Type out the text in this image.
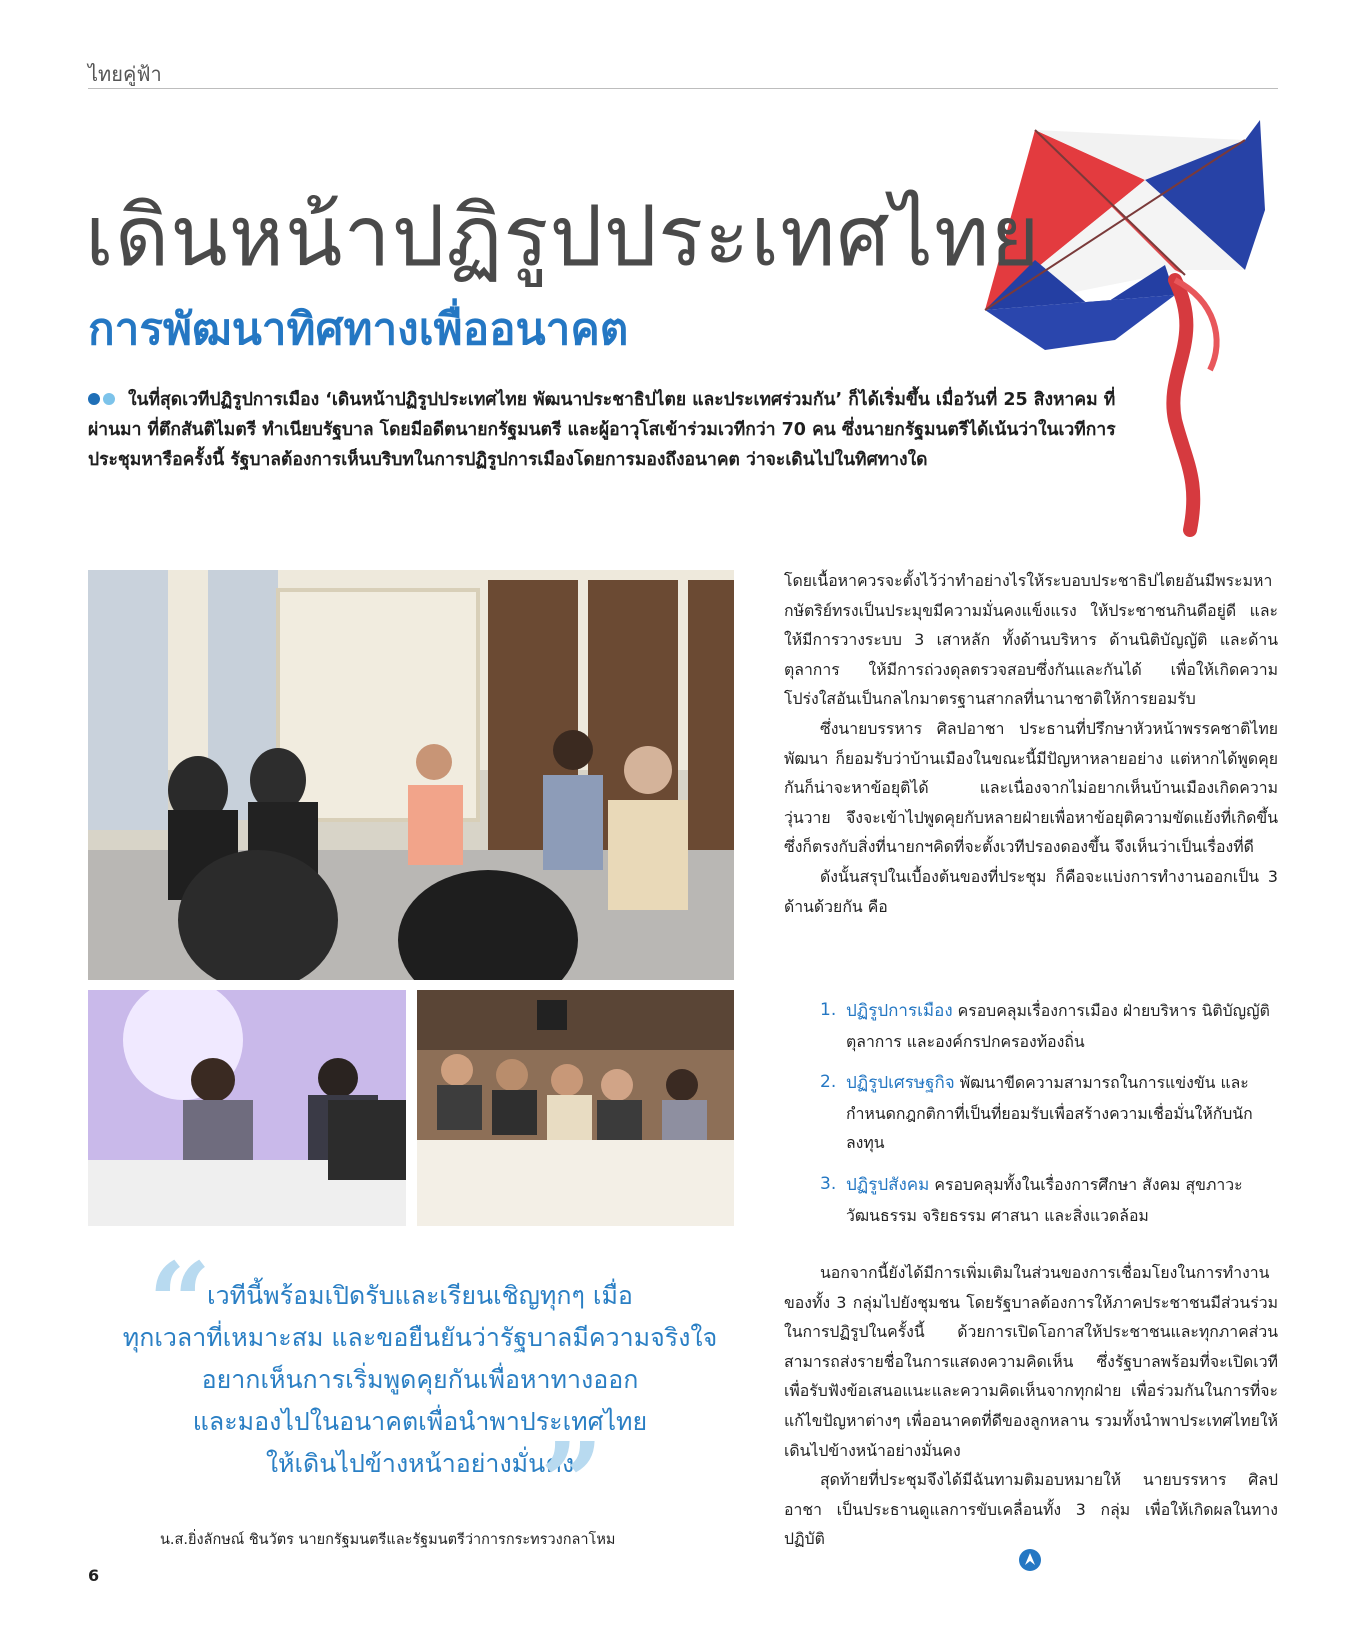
ไทยคู่ฟ้า
เดินหน้าปฏิรูปประเทศไทย
การพัฒนาทิศทางเพื่ออนาคต
ในที่สุดเวทีปฏิรูปการเมือง ‘เดินหน้าปฏิรูปประเทศไทย พัฒนาประชาธิปไตย และประเทศร่วมกัน’ ก็ได้เริ่มขึ้น เมื่อวันที่ 25 สิงหาคม ที่ผ่านมา ที่ตึกสันติไมตรี ทำเนียบรัฐบาล โดยมีอดีตนายกรัฐมนตรี และผู้อาวุโสเข้าร่วมเวทีกว่า 70 คน ซึ่งนายกรัฐมนตรีได้เน้นว่าในเวทีการประชุมหารือครั้งนี้ รัฐบาลต้องการเห็นบริบทในการปฏิรูปการเมืองโดยการมองถึงอนาคต ว่าจะเดินไปในทิศทางใด
“
เวทีนี้พร้อมเปิดรับและเรียนเชิญทุกๆ เมื่อ
ทุกเวลาที่เหมาะสม และขอยืนยันว่ารัฐบาลมีความจริงใจ
อยากเห็นการเริ่มพูดคุยกันเพื่อหาทางออก
และมองไปในอนาคตเพื่อนำพาประเทศไทย
ให้เดินไปข้างหน้าอย่างมั่นคง
”
น.ส.ยิ่งลักษณ์ ชินวัตร นายกรัฐมนตรีและรัฐมนตรีว่าการกระทรวงกลาโหม

โดยเนื้อหาควรจะตั้งไว้ว่าทำอย่างไรให้ระบอบประชาธิปไตยอันมีพระมหากษัตริย์ทรงเป็นประมุขมีความมั่นคงแข็งแรง ให้ประชาชนกินดีอยู่ดี และให้มีการวางระบบ 3 เสาหลัก ทั้งด้านบริหาร ด้านนิติบัญญัติ และด้านตุลาการ ให้มีการถ่วงดุลตรวจสอบซึ่งกันและกันได้ เพื่อให้เกิดความโปร่งใสอันเป็นกลไกมาตรฐานสากลที่นานาชาติให้การยอมรับ

ซึ่งนายบรรหาร ศิลปอาชา ประธานที่ปรึกษาหัวหน้าพรรคชาติไทยพัฒนา ก็ยอมรับว่าบ้านเมืองในขณะนี้มีปัญหาหลายอย่าง แต่หากได้พูดคุยกันก็น่าจะหาข้อยุติได้ และเนื่องจากไม่อยากเห็นบ้านเมืองเกิดความวุ่นวาย จึงจะเข้าไปพูดคุยกับหลายฝ่ายเพื่อหาข้อยุติความขัดแย้งที่เกิดขึ้น ซึ่งก็ตรงกับสิ่งที่นายกฯคิดที่จะตั้งเวทีปรองดองขึ้น จึงเห็นว่าเป็นเรื่องที่ดี

ดังนั้นสรุปในเบื้องต้นของที่ประชุม ก็คือจะแบ่งการทำงานออกเป็น 3 ด้านด้วยกัน คือ

1. ปฏิรูปการเมือง ครอบคลุมเรื่องการเมือง ฝ่ายบริหาร นิติบัญญัติ ตุลาการ และองค์กรปกครองท้องถิ่น
2. ปฏิรูปเศรษฐกิจ พัฒนาขีดความสามารถในการแข่งขัน และกำหนดกฎกติกาที่เป็นที่ยอมรับเพื่อสร้างความเชื่อมั่นให้กับนักลงทุน
3. ปฏิรูปสังคม ครอบคลุมทั้งในเรื่องการศึกษา สังคม สุขภาวะ วัฒนธรรม จริยธรรม ศาสนา และสิ่งแวดล้อม

นอกจากนี้ยังได้มีการเพิ่มเติมในส่วนของการเชื่อมโยงในการทำงานของทั้ง 3 กลุ่มไปยังชุมชน โดยรัฐบาลต้องการให้ภาคประชาชนมีส่วนร่วมในการปฏิรูปในครั้งนี้ ด้วยการเปิดโอกาสให้ประชาชนและทุกภาคส่วนสามารถส่งรายชื่อในการแสดงความคิดเห็น ซึ่งรัฐบาลพร้อมที่จะเปิดเวทีเพื่อรับฟังข้อเสนอแนะและความคิดเห็นจากทุกฝ่าย เพื่อร่วมกันในการที่จะแก้ไขปัญหาต่างๆ เพื่ออนาคตที่ดีของลูกหลาน รวมทั้งนำพาประเทศไทยให้เดินไปข้างหน้าอย่างมั่นคง

สุดท้ายที่ประชุมจึงได้มีฉันทามติมอบหมายให้ นายบรรหาร ศิลปอาชา เป็นประธานดูแลการขับเคลื่อนทั้ง 3 กลุ่ม เพื่อให้เกิดผลในทางปฏิบัติ

6
